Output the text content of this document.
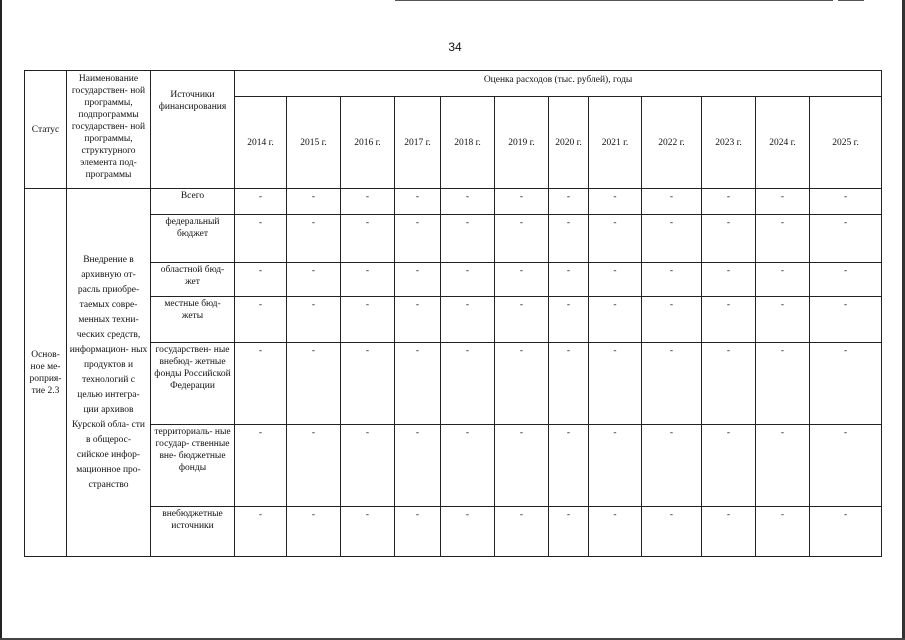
34
Статус	Наименование государствен- ной программы, подпрограммы государствен- ной программы, структурного элемента под- программы	Источники финансирования	Оценка расходов (тыс. рублей), годы											
			2014 г.	2015 г.	2016 г.	2017 г.	2018 г.	2019 г.	2020 г.	2021 г.	2022 г.	2023 г.	2024 г.	2025 г.
Основ- ное ме- роприя- тие 2.3	Внедрение в архивную от- расль приобре- таемых совре- менных техни- ческих средств, информацион- ных продуктов и технологий с целью интегра- ции архивов Курской обла- сти в общерос- сийское инфор- мационное про- странство	Всего	-	-	-	-	-	-	-	-	-	-	-	-
		федеральный бюджет	-	-	-	-	-	-	-	-	-	-	-	-
		областной бюд- жет	-	-	-	-	-	-	-	-	-	-	-	-
		местные бюд- жеты	-	-	-	-	-	-	-	-	-	-	-	-
		государствен- ные внебюд- жетные фонды Российской Федерации	-	-	-	-	-	-	-	-	-	-	-	-
		территориаль- ные государ- ственные вне- бюджетные фонды	-	-	-	-	-	-	-	-	-	-	-	-
		внебюджетные источники	-	-	-	-	-	-	-	-	-	-	-	-
